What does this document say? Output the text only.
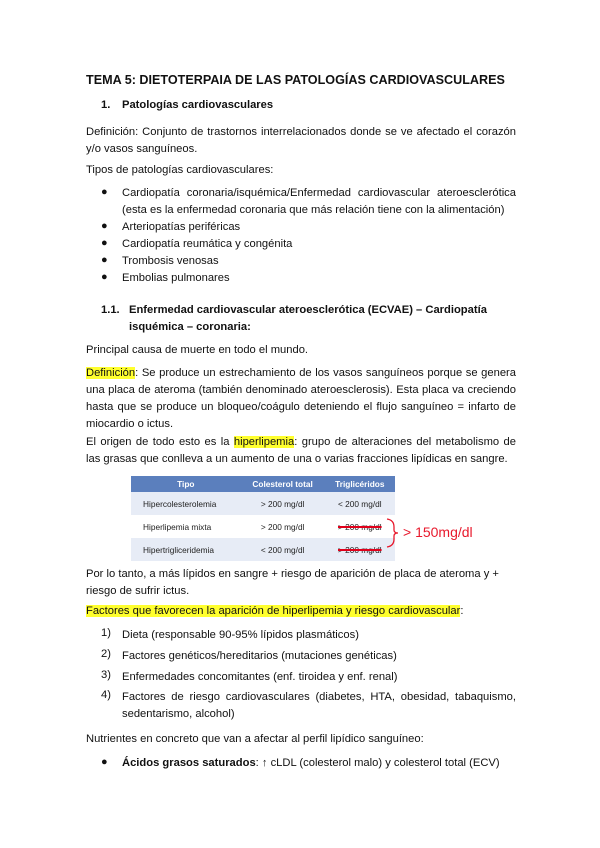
TEMA 5: DIETOTERPAIA DE LAS PATOLOGÍAS CARDIOVASCULARES
1. Patologías cardiovasculares
Definición: Conjunto de trastornos interrelacionados donde se ve afectado el corazón y/o vasos sanguíneos.
Tipos de patologías cardiovasculares:
● Cardiopatía coronaria/isquémica/Enfermedad cardiovascular ateroesclerótica (esta es la enfermedad coronaria que más relación tiene con la alimentación)
● Arteriopatías periféricas
● Cardiopatía reumática y congénita
● Trombosis venosas
● Embolias pulmonares
1.1. Enfermedad cardiovascular ateroesclerótica (ECVAE) – Cardiopatía isquémica – coronaria:
Principal causa de muerte en todo el mundo.
Definición: Se produce un estrechamiento de los vasos sanguíneos porque se genera una placa de ateroma (también denominado ateroesclerosis). Esta placa va creciendo hasta que se produce un bloqueo/coágulo deteniendo el flujo sanguíneo = infarto de miocardio o ictus.
El origen de todo esto es la hiperlipemia: grupo de alteraciones del metabolismo de las grasas que conlleva a un aumento de una o varias fracciones lipídicas en sangre.
Tipo	Colesterol total	Triglicéridos
Hipercolesterolemia	> 200 mg/dl	< 200 mg/dl
Hiperlipemia mixta	> 200 mg/dl	> 200 mg/dl
Hipertrigliceridemia	< 200 mg/dl	> 200 mg/dl
> 150mg/dl
Por lo tanto, a más lípidos en sangre + riesgo de aparición de placa de ateroma y + riesgo de sufrir ictus.
Factores que favorecen la aparición de hiperlipemia y riesgo cardiovascular:
1) Dieta (responsable 90-95% lípidos plasmáticos)
2) Factores genéticos/hereditarios (mutaciones genéticas)
3) Enfermedades concomitantes (enf. tiroidea y enf. renal)
4) Factores de riesgo cardiovasculares (diabetes, HTA, obesidad, tabaquismo, sedentarismo, alcohol)
Nutrientes en concreto que van a afectar al perfil lipídico sanguíneo:
● Ácidos grasos saturados: ↑ cLDL (colesterol malo) y colesterol total (ECV)
